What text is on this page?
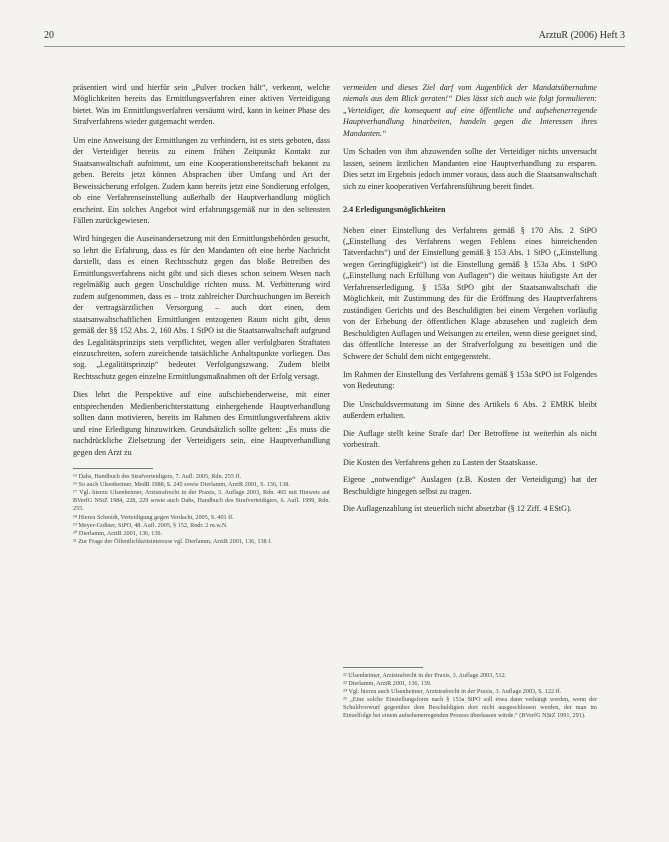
20	ArztuR (2006) Heft 3

präsentiert wird und hierfür sein „Pulver trocken hält“, verkennt, welche Möglichkeiten bereits das Ermittlungsverfahren einer aktiven Verteidigung bietet. Was im Ermittlungsverfahren versäumt wird, kann in keiner Phase des Strafverfahrens wieder gutgemacht werden.

Um eine Anweisung der Ermittlungen zu verhindern, ist es stets geboten, dass der Verteidiger bereits zu einem frühen Zeitpunkt Kontakt zur Staatsanwaltschaft aufnimmt, um eine Kooperationsbereitschaft bekannt zu geben. Bereits jetzt können Absprachen über Umfang und Art der Beweissicherung erfolgen. Zudem kann bereits jetzt eine Sondierung erfolgen, ob eine Verfahrenseinstellung außerhalb der Hauptverhandlung möglich erscheint. Ein solches Angebot wird erfahrungsgemäß nur in den seltensten Fällen zurückgewiesen.

Wird hingegen die Auseinandersetzung mit den Ermittlungsbehörden gesucht, so lehrt die Erfahrung, dass es für den Mandanten oft eine herbe Nachricht darstellt, dass es einen Rechtsschutz gegen das bloße Betreiben des Ermittlungsverfahrens nicht gibt und sich dieses schon seinem Wesen nach regelmäßig auch gegen Unschuldige richten muss. M. Verbitterung wird zudem aufgenommen, dass es – trotz zahlreicher Durchsuchungen im Bereich der vertragsärztlichen Versorgung – auch dort einen, dem staatsanwaltschaftlichen Ermittlungen entzogenen Raum nicht gibt, denn gemäß der §§ 152 Abs. 2, 160 Abs. 1 StPO ist die Staatsanwaltschaft aufgrund des Legalitätsprinzips stets verpflichtet, wegen aller verfolgbaren Straftaten einzuschreiten, sofern zureichende tatsächliche Anhaltspunkte vorliegen. Das sog. „Legalitätsprinzip“ bedeutet Verfolgungszwang. Zudem bleibt Rechtsschutz gegen einzelne Ermittlungsmaßnahmen oft der Erfolg versagt.

Dies lehrt die Perspektive auf eine aufschiebenderweise, mit einer entsprechenden Medienberichterstattung einhergehende Hauptverhandlung sollten dann motivieren, bereits im Rahmen des Ermittlungsverfahrens aktiv und eine Erledigung hinzuwirken. Grundsätzlich sollte gelten: „Es muss die nachdrückliche Zielsetzung der Verteidigers sein, eine Hauptverhandlung gegen den Arzt zu

¹⁵ Dahs, Handbuch des Strafverteidigers, 7. Aufl. 2005, Rdn. 255 ff.
¹⁶ So auch Ulsenheimer, MedR 1988, S. 245 sowie Dierlamm, ArztR 2001, S. 136, 138.
¹⁷ Vgl. hierzu Ulsenheimer, Arztstrafrecht in der Praxis, 3. Auflage 2003, Rdn. 465 mit Hinweis auf BVerfG NStZ 1984, 228, 229 sowie auch Dahs, Handbuch des Strafverteidigers, 6. Aufl. 1999, Rdn. 255.
¹⁸ Hierzu Schmidt, Verteidigung gegen Verdacht, 2005, S. 401 ff.
¹⁹ Meyer-Goßner, StPO, 48. Aufl. 2005, § 152, Rndr. 2 m.w.N.
²⁰ Dierlamm, ArztR 2001, 136, 139.
²¹ Zur Frage der Öffentlichkeitsinteresse vgl. Dierlamm, ArztR 2001, 136, 138 f.

vermeiden und dieses Ziel darf vom Augenblick der Mandatsübernahme niemals aus dem Blick geraten!“ Dies lässt sich auch wie folgt formulieren: „Verteidiger, die konsequent auf eine öffentliche und aufsehenerregende Hauptverhandlung hinarbeiten, handeln gegen die Interessen ihres Mandanten.“

Um Schaden von ihm abzuwenden sollte der Verteidiger nichts unversucht lassen, seinem ärztlichen Mandanten eine Hauptverhandlung zu ersparen. Dies setzt im Ergebnis jedoch immer voraus, dass auch die Staatsanwaltschaft sich zu einer kooperativen Verfahrensführung bereit findet.

2.4 Erledigungsmöglichkeiten

Neben einer Einstellung des Verfahrens gemäß § 170 Abs. 2 StPO („Einstellung des Verfahrens wegen Fehlens eines hinreichenden Tatverdachts“) und der Einstellung gemäß § 153 Abs. 1 StPO („Einstellung wegen Geringfügigkeit“) ist die Einstellung gemäß § 153a Abs. 1 StPO („Einstellung nach Erfüllung von Auflagen“) die weitaus häufigste Art der Verfahrenserledigung. § 153a StPO gibt der Staatsanwaltschaft die Möglichkeit, mit Zustimmung des für die Eröffnung des Hauptverfahrens zuständigen Gerichts und des Beschuldigten bei einem Vergehen vorläufig von der Erhebung der öffentlichen Klage abzusehen und zugleich dem Beschuldigten Auflagen und Weisungen zu erteilen, wenn diese geeignet sind, das öffentliche Interesse an der Strafverfolgung zu beseitigen und die Schwere der Schuld dem nicht entgegensteht.

Im Rahmen der Einstellung des Verfahrens gemäß § 153a StPO ist Folgendes von Bedeutung:

Die Unschuldsvermutung im Sinne des Artikels 6 Abs. 2 EMRK bleibt außerdem erhalten.

Die Auflage stellt keine Strafe dar! Der Betroffene ist weiterhin als nicht vorbestraft.

Die Kosten des Verfahrens gehen zu Lasten der Staatskasse.

Eigene „notwendige“ Auslagen (z.B. Kosten der Verteidigung) hat der Beschuldigte hingegen selbst zu tragen.

Die Auflagenzahlung ist steuerlich nicht absetzbar (§ 12 Ziff. 4 EStG).

²² Ulsenheimer, Arztstrafrecht in der Praxis, 3. Auflage 2003, 512.
²³ Dierlamm, ArztR 2001, 136, 139.
²⁴ Vgl. hierzu auch Ulsenheimer, Arztstrafrecht in der Praxis, 3. Auflage 2003, S. 122 ff.
²⁵ „Eine solche Einstellungsform nach § 153a StPO soll etwa dann verhängt werden, wenn der Schuldvorwurf gegenüber dem Beschuldigten dort nicht ausgeschlossen werden, der man im Einzelfolge bei einem aufsehenerregenden Prozess überlassen würde.“ (BVerfG NStZ 1991, 291).
